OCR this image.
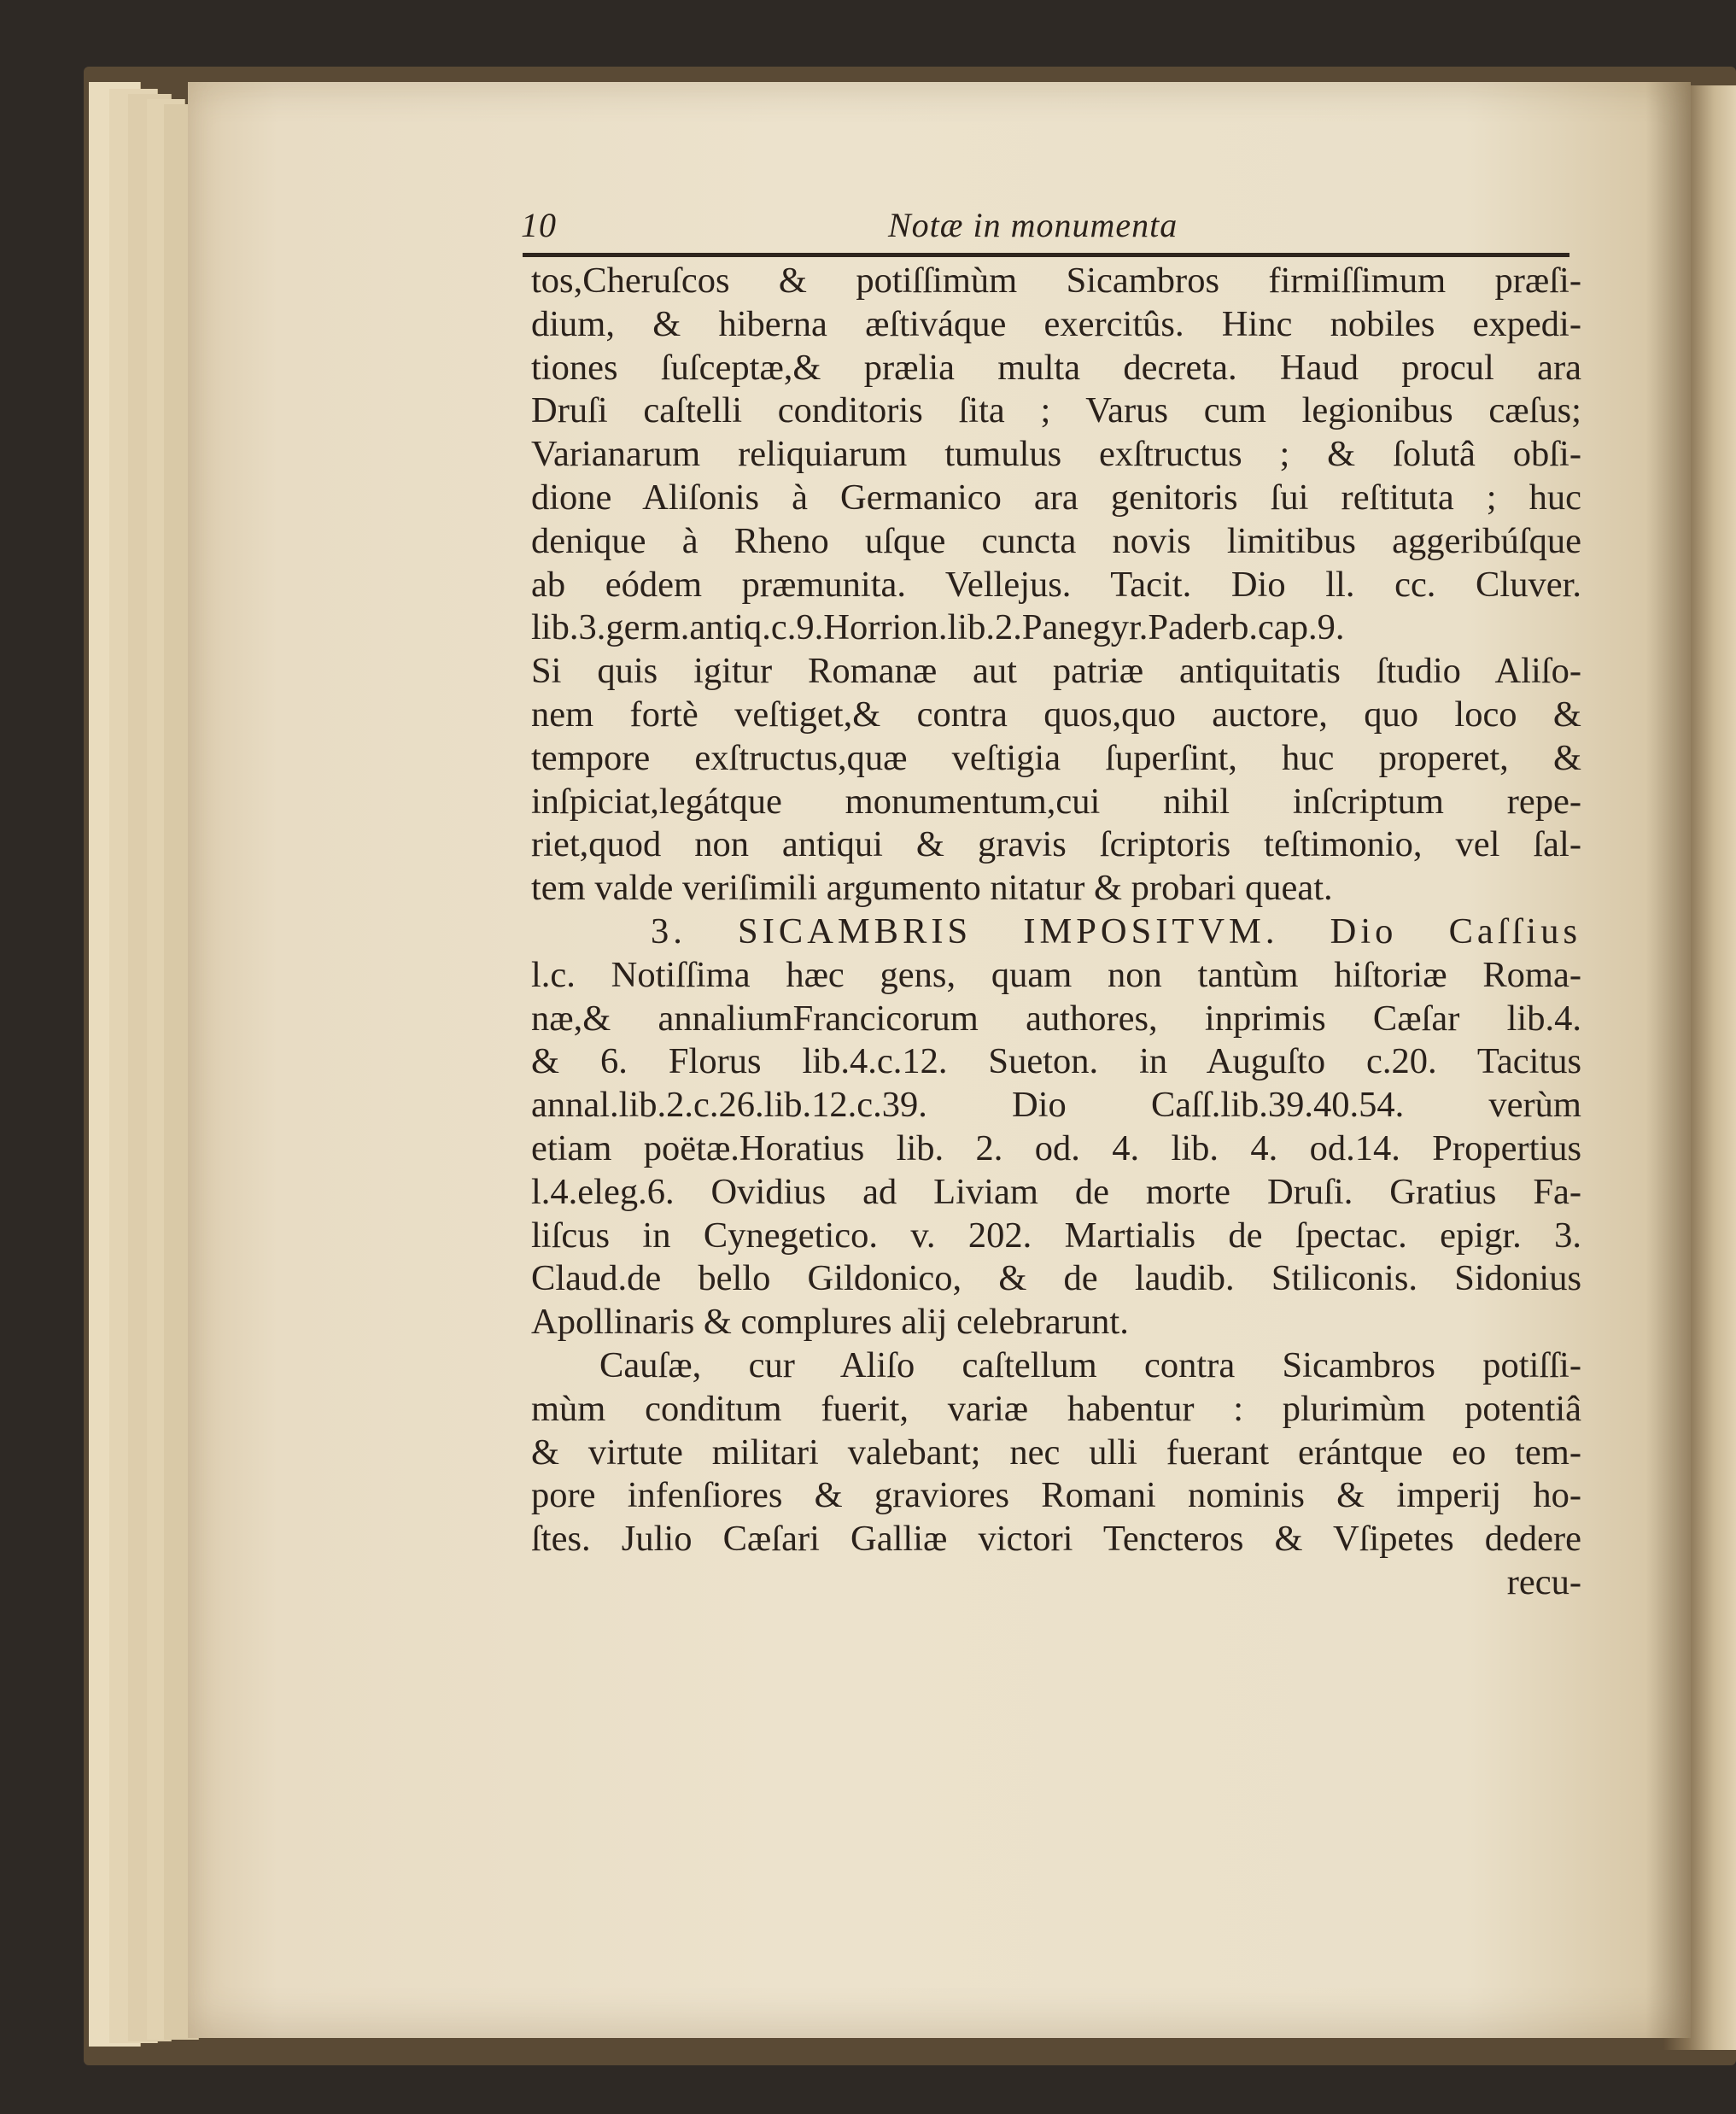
10	Notæ in monumenta
tos,Cheruſcos & potiſſimùm Sicambros firmiſſimum præſi-
dium, & hiberna æſtiváque exercitûs. Hinc nobiles expedi-
tiones ſuſceptæ,& prælia multa decreta. Haud procul ara
Druſi caſtelli conditoris ſita ; Varus cum legionibus cæſus;
Varianarum reliquiarum tumulus exſtructus ; & ſolutâ obſi-
dione Aliſonis à Germanico ara genitoris ſui reſtituta ; huc
denique à Rheno uſque cuncta novis limitibus aggeribúſque
ab eódem præmunita. Vellejus. Tacit. Dio ll. cc. Cluver.
lib.3.germ.antiq.c.9.Horrion.lib.2.Panegyr.Paderb.cap.9.
Si quis igitur Romanæ aut patriæ antiquitatis ſtudio Aliſo-
nem fortè veſtiget,& contra quos,quo auctore, quo loco &
tempore exſtructus,quæ veſtigia ſuperſint, huc properet, &
inſpiciat,legátque monumentum,cui nihil inſcriptum repe-
riet,quod non antiqui & gravis ſcriptoris teſtimonio, vel ſal-
tem valde veriſimili argumento nitatur & probari queat.
3. SICAMBRIS IMPOSITVM. Dio Caſſius
l.c. Notiſſima hæc gens, quam non tantùm hiſtoriæ Roma-
næ,& annaliumFrancicorum authores, inprimis Cæſar lib.4.
& 6. Florus lib.4.c.12. Sueton. in Auguſto c.20. Tacitus
annal.lib.2.c.26.lib.12.c.39. Dio Caſſ.lib.39.40.54. verùm
etiam poëtæ.Horatius lib. 2. od. 4. lib. 4. od.14. Propertius
l.4.eleg.6. Ovidius ad Liviam de morte Druſi. Gratius Fa-
liſcus in Cynegetico. v. 202. Martialis de ſpectac. epigr. 3.
Claud.de bello Gildonico, & de laudib. Stiliconis. Sidonius
Apollinaris & complures alij celebrarunt.
Cauſæ, cur Aliſo caſtellum contra Sicambros potiſſi-
mùm conditum fuerit, variæ habentur : plurimùm potentiâ
& virtute militari valebant; nec ulli fuerant erántque eo tem-
pore infenſiores & graviores Romani nominis & imperij ho-
ſtes. Julio Cæſari Galliæ victori Tencteros & Vſipetes dedere
recu-
